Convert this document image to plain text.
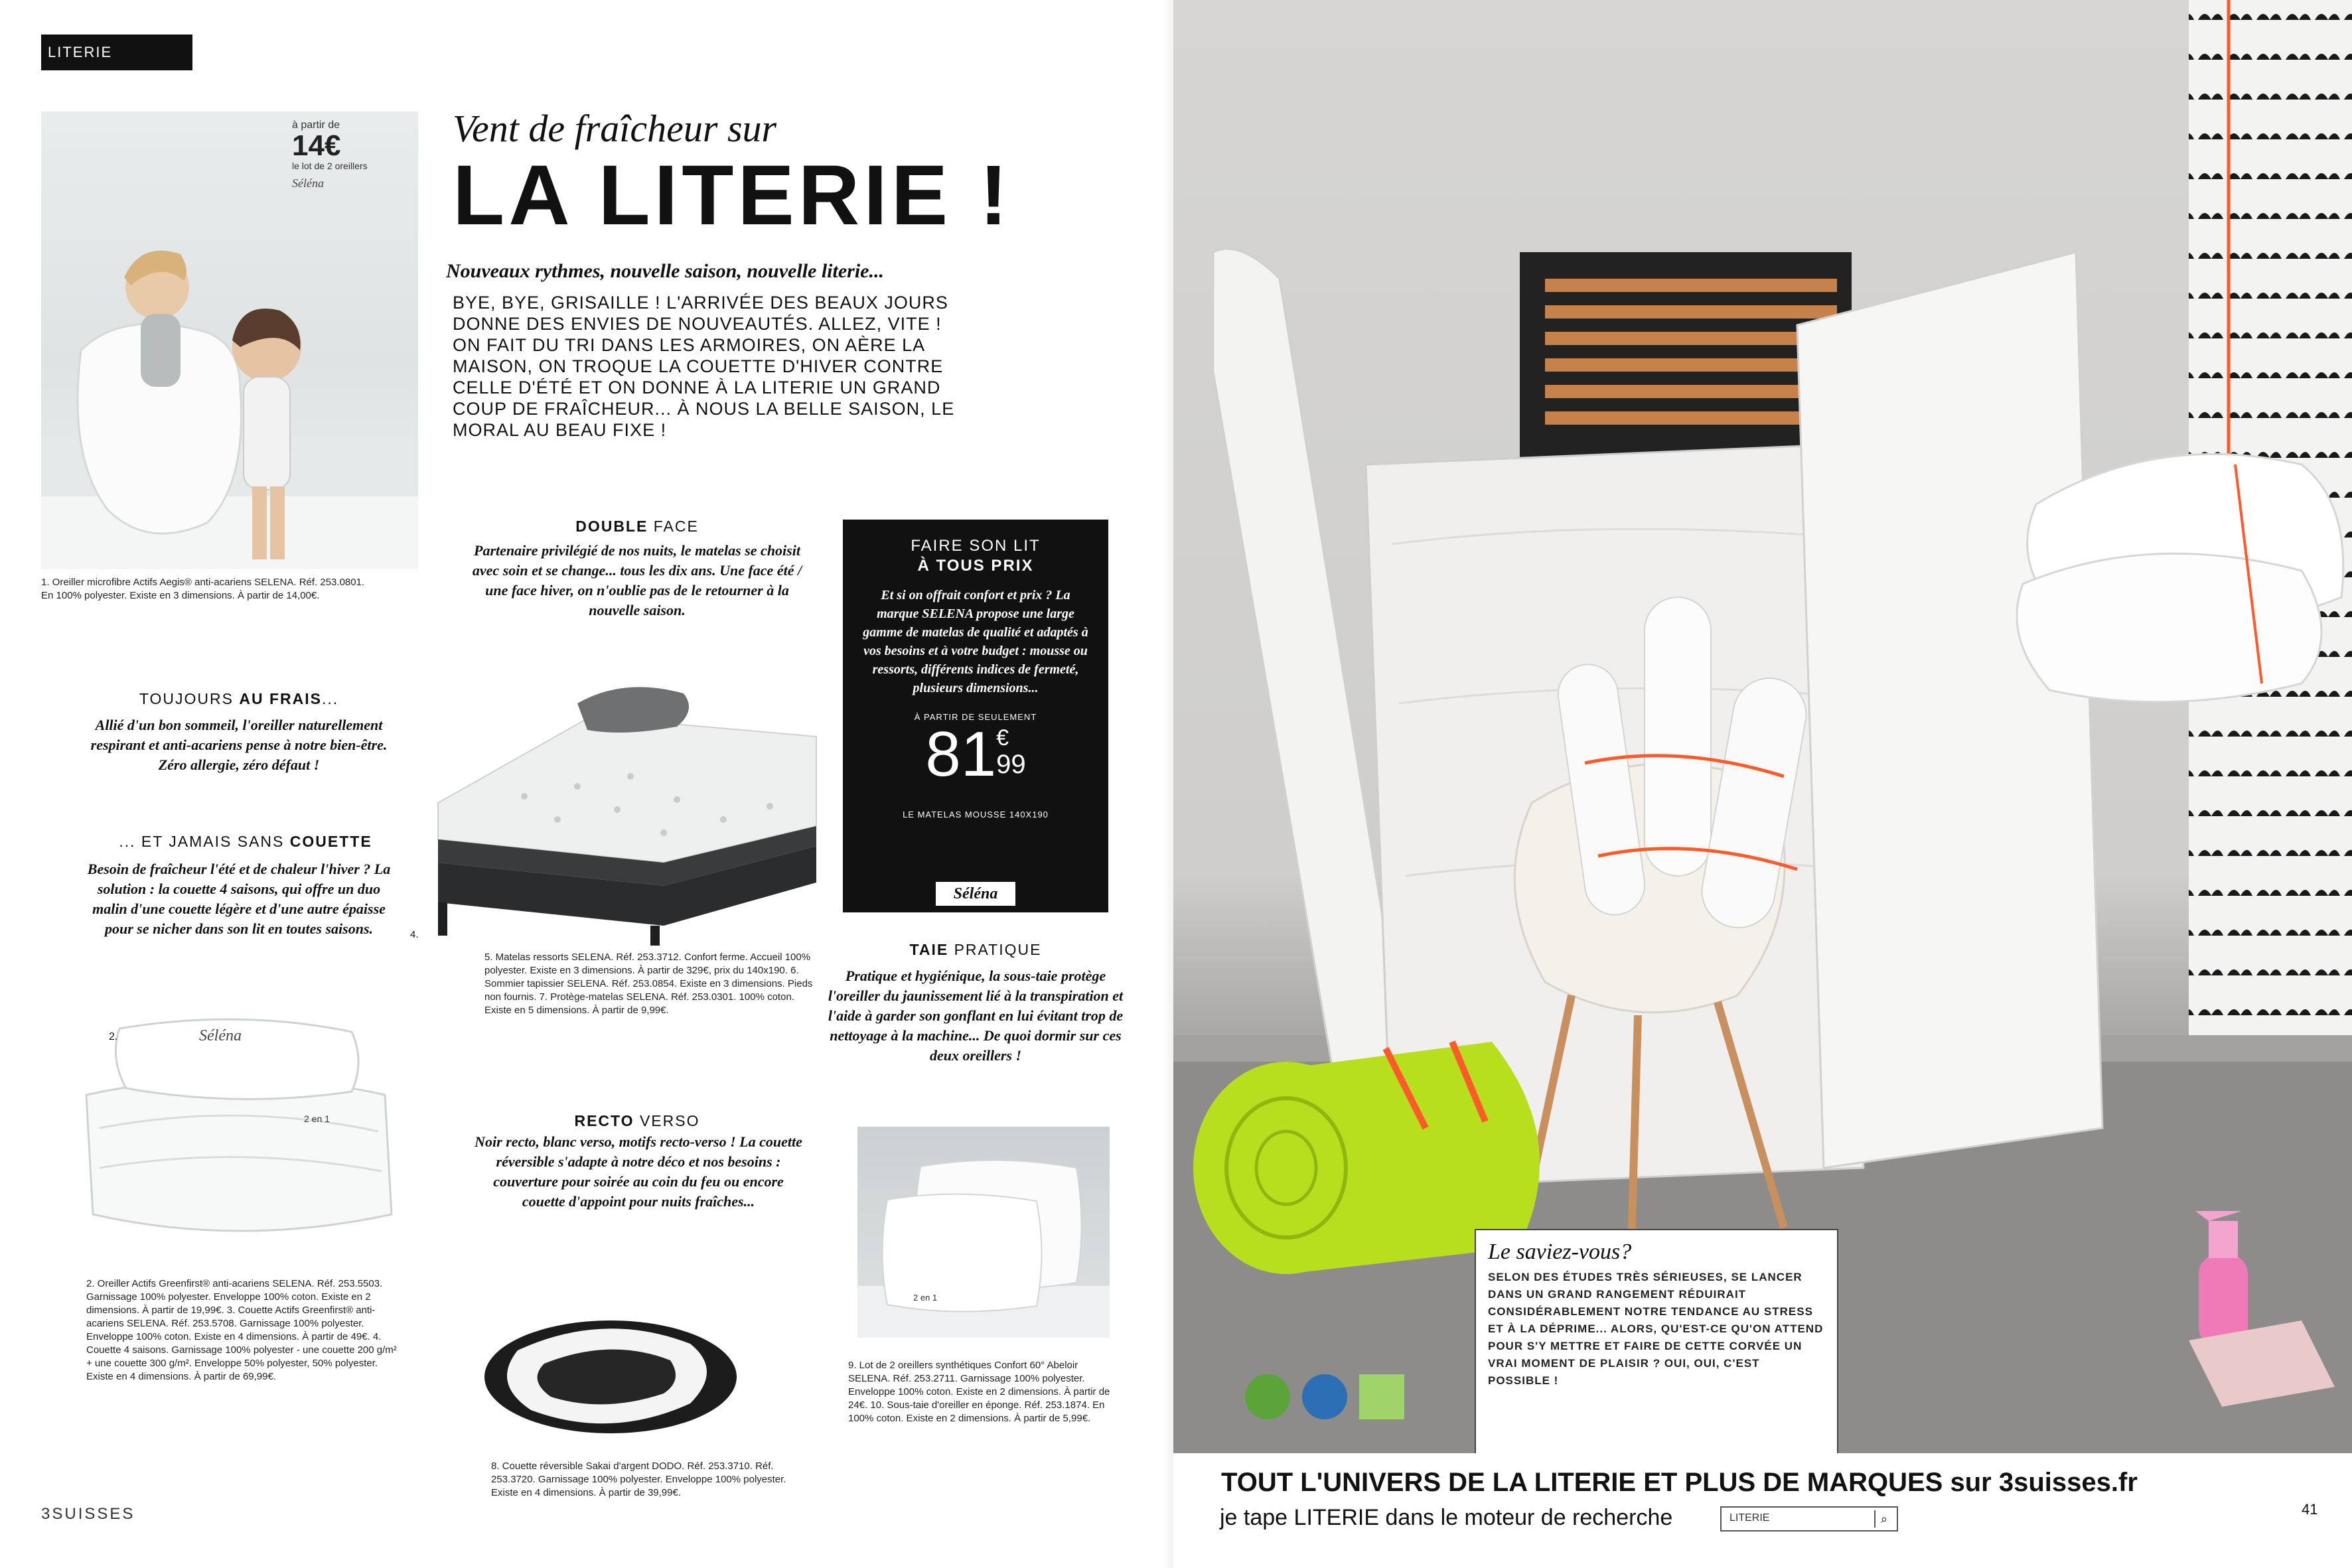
LITERIE
à partir de
14€
le lot de 2 oreillers
Séléna
1. Oreiller microfibre Actifs Aegis® anti-acariens SELENA. Réf. 253.0801. En 100% polyester. Existe en 3 dimensions. À partir de 14,00€.
Vent de fraîcheur sur
LA LITERIE !
Nouveaux rythmes, nouvelle saison, nouvelle literie...
BYE, BYE, GRISAILLE ! L'ARRIVÉE DES BEAUX JOURS DONNE DES ENVIES DE NOUVEAUTÉS. ALLEZ, VITE ! ON FAIT DU TRI DANS LES ARMOIRES, ON AÈRE LA MAISON, ON TROQUE LA COUETTE D'HIVER CONTRE CELLE D'ÉTÉ ET ON DONNE À LA LITERIE UN GRAND COUP DE FRAÎCHEUR... À NOUS LA BELLE SAISON, LE MORAL AU BEAU FIXE !
TOUJOURS AU FRAIS...
Allié d'un bon sommeil, l'oreiller naturellement respirant et anti-acariens pense à notre bien-être. Zéro allergie, zéro défaut !
... ET JAMAIS SANS COUETTE
Besoin de fraîcheur l'été et de chaleur l'hiver ? La solution : la couette 4 saisons, qui offre un duo malin d'une couette légère et d'une autre épaisse pour se nicher dans son lit en toutes saisons.
2.	Séléna
2 en 1
2. Oreiller Actifs Greenfirst® anti-acariens SELENA. Réf. 253.5503. Garnissage 100% polyester. Enveloppe 100% coton. Existe en 2 dimensions. À partir de 19,99€. 3. Couette Actifs Greenfirst® anti-acariens SELENA. Réf. 253.5708. Garnissage 100% polyester. Enveloppe 100% coton. Existe en 4 dimensions. À partir de 49€. 4. Couette 4 saisons. Garnissage 100% polyester - une couette 200 g/m² + une couette 300 g/m². Enveloppe 50% polyester, 50% polyester. Existe en 4 dimensions. À partir de 69,99€.
3SUISSES
DOUBLE FACE
Partenaire privilégié de nos nuits, le matelas se choisit avec soin et se change... tous les dix ans. Une face été / une face hiver, on n'oublie pas de le retourner à la nouvelle saison.
4.
5. Matelas ressorts SELENA. Réf. 253.3712. Confort ferme. Accueil 100% polyester. Existe en 3 dimensions. À partir de 329€, prix du 140x190. 6. Sommier tapissier SELENA. Réf. 253.0854. Existe en 3 dimensions. Pieds non fournis. 7. Protège-matelas SELENA. Réf. 253.0301. 100% coton. Existe en 5 dimensions. À partir de 9,99€.
RECTO VERSO
Noir recto, blanc verso, motifs recto-verso ! La couette réversible s'adapte à notre déco et nos besoins : couverture pour soirée au coin du feu ou encore couette d'appoint pour nuits fraîches...
8. Couette réversible Sakai d'argent DODO. Réf. 253.3710. Réf. 253.3720. Garnissage 100% polyester. Enveloppe 100% polyester. Existe en 4 dimensions. À partir de 39,99€.
FAIRE SON LIT
À TOUS PRIX
Et si on offrait confort et prix ? La marque SELENA propose une large gamme de matelas de qualité et adaptés à vos besoins et à votre budget : mousse ou ressorts, différents indices de fermeté, plusieurs dimensions...
À PARTIR DE SEULEMENT
81 €
99
LE MATELAS MOUSSE 140X190
Séléna
TAIE PRATIQUE
Pratique et hygiénique, la sous-taie protège l'oreiller du jaunissement lié à la transpiration et l'aide à garder son gonflant en lui évitant trop de nettoyage à la machine... De quoi dormir sur ces deux oreillers !
2 en 1
9. Lot de 2 oreillers synthétiques Confort 60° Abeloir SELENA. Réf. 253.2711. Garnissage 100% polyester. Enveloppe 100% coton. Existe en 2 dimensions. À partir de 24€. 10. Sous-taie d'oreiller en éponge. Réf. 253.1874. En 100% coton. Existe en 2 dimensions. À partir de 5,99€.
Le saviez-vous?
SELON DES ÉTUDES TRÈS SÉRIEUSES, SE LANCER DANS UN GRAND RANGEMENT RÉDUIRAIT CONSIDÉRABLEMENT NOTRE TENDANCE AU STRESS ET À LA DÉPRIME... ALORS, QU'EST-CE QU'ON ATTEND POUR S'Y METTRE ET FAIRE DE CETTE CORVÉE UN VRAI MOMENT DE PLAISIR ? OUI, OUI, C'EST POSSIBLE !
TOUT L'UNIVERS DE LA LITERIE ET PLUS DE MARQUES sur 3suisses.fr
je tape LITERIE dans le moteur de recherche	LITERIE	⌕
41
